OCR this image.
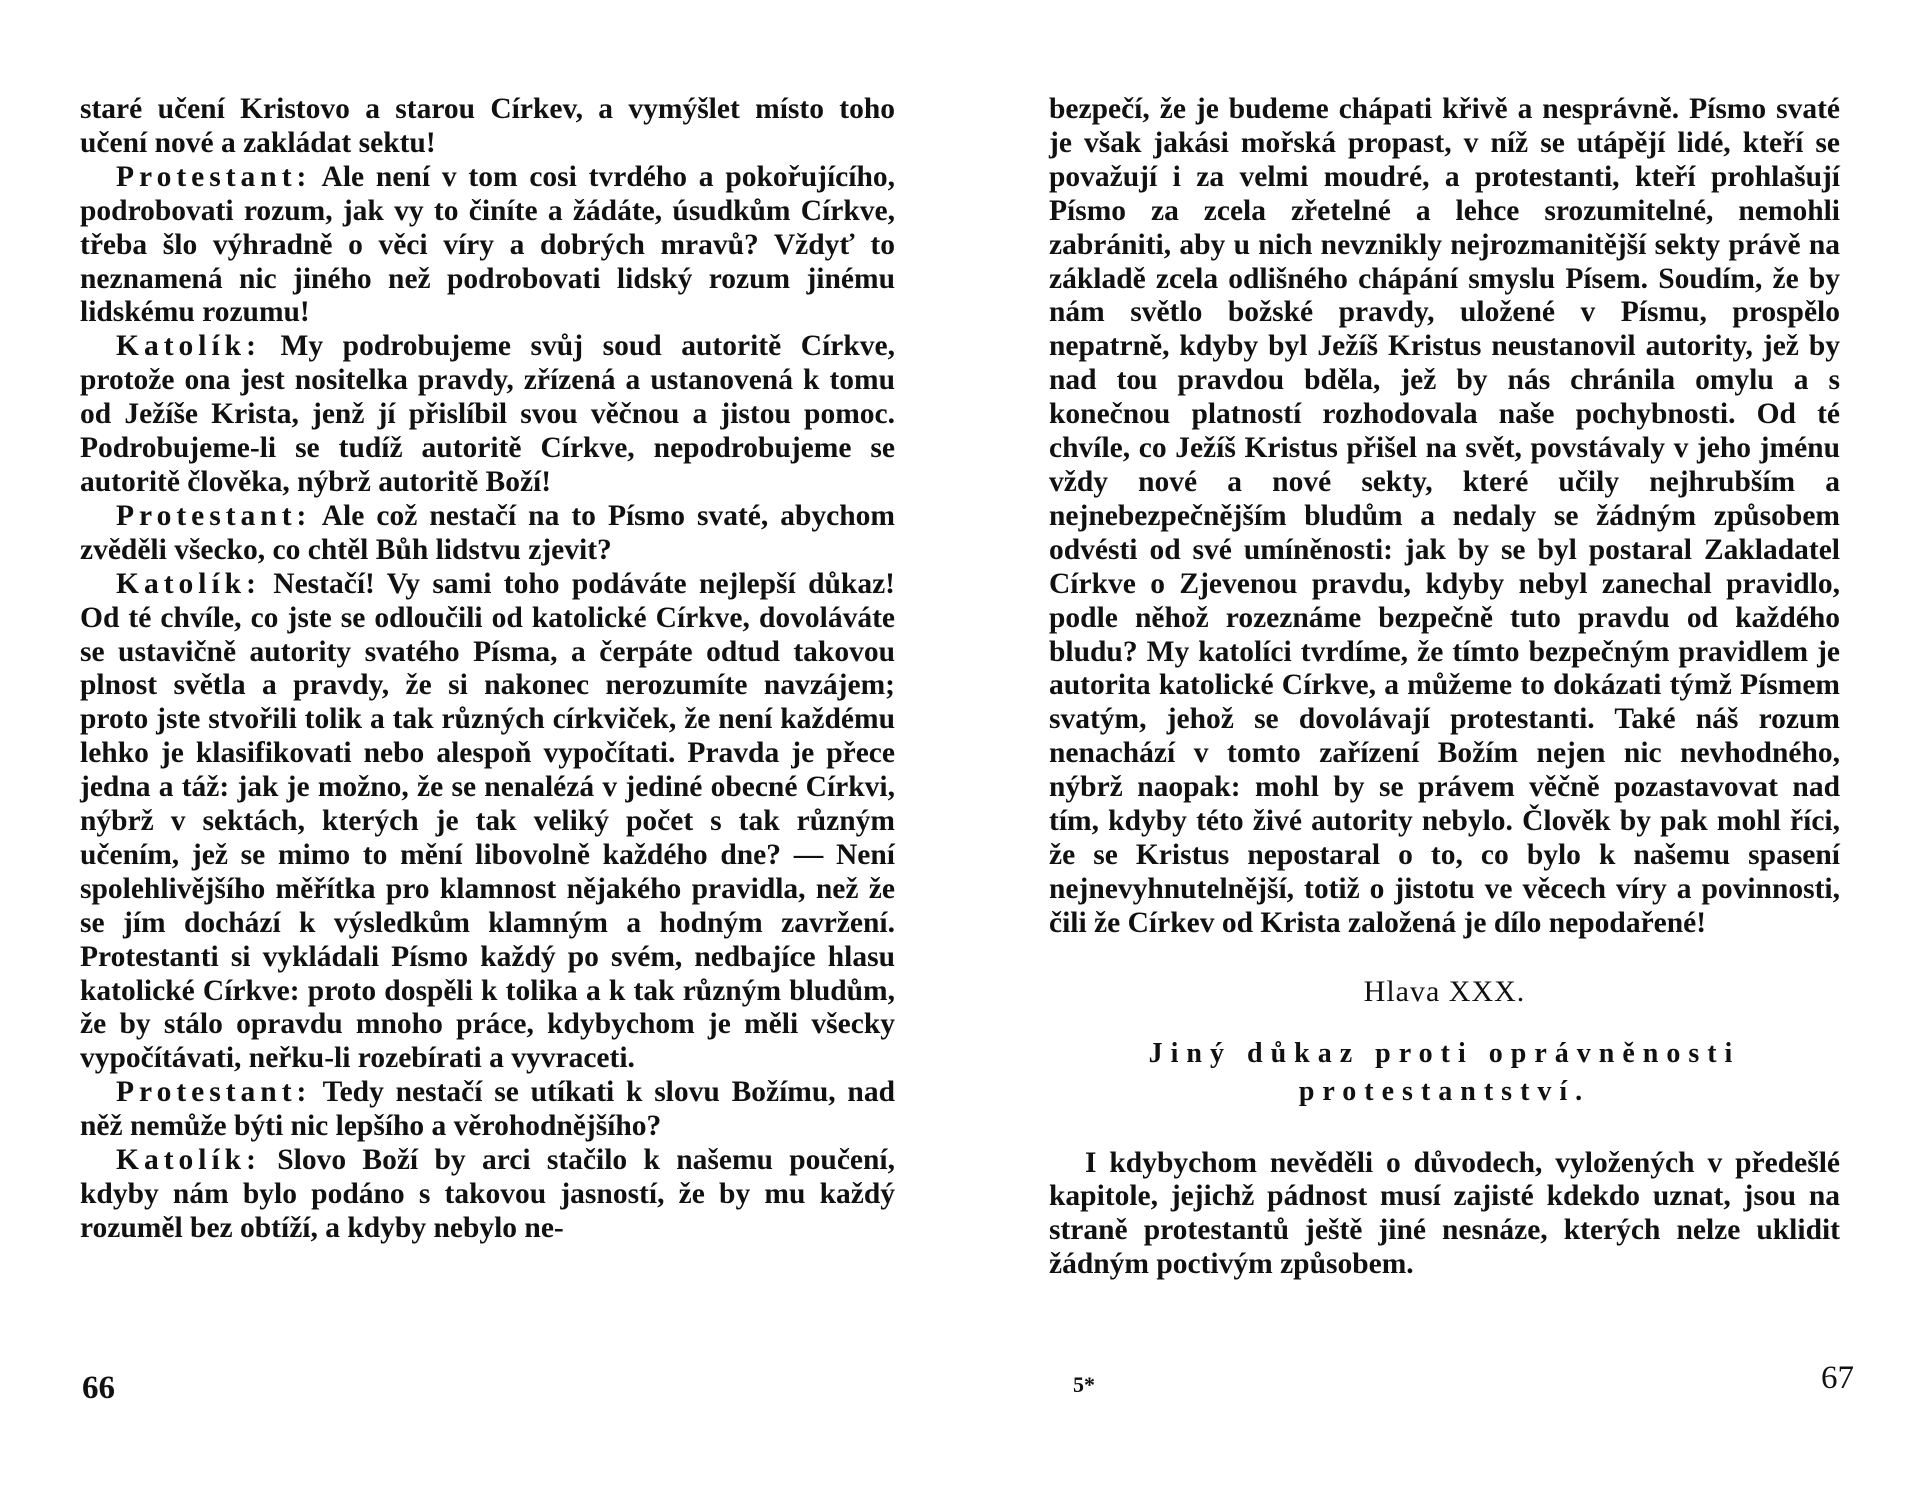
staré učení Kristovo a starou Církev, a vymýšlet místo toho učení nové a zakládat sektu!

Protestant: Ale není v tom cosi tvrdého a pokořujícího, podrobovati rozum, jak vy to činíte a žádáte, úsudkům Církve, třeba šlo výhradně o věci víry a dobrých mravů? Vždyť to neznamená nic jiného než podrobovati lidský rozum jinému lidskému rozumu!

Katolík: My podrobujeme svůj soud autoritě Církve, protože ona jest nositelka pravdy, zřízená a ustanovená k tomu od Ježíše Krista, jenž jí přislíbil svou věčnou a jistou pomoc. Podrobujeme-li se tudíž autoritě Církve, nepodrobujeme se autoritě člověka, nýbrž autoritě Boží!

Protestant: Ale což nestačí na to Písmo svaté, abychom zvěděli všecko, co chtěl Bůh lidstvu zjevit?

Katolík: Nestačí! Vy sami toho podáváte nejlepší důkaz! Od té chvíle, co jste se odloučili od katolické Církve, dovoláváte se ustavičně autority svatého Písma, a čerpáte odtud takovou plnost světla a pravdy, že si nakonec nerozumíte navzájem; proto jste stvořili tolik a tak různých církviček, že není každému lehko je klasifikovati nebo alespoň vypočítati. Pravda je přece jedna a táž: jak je možno, že se nenalézá v jediné obecné Církvi, nýbrž v sektách, kterých je tak veliký počet s tak různým učením, jež se mimo to mění libovolně každého dne? — Není spolehlivějšího měřítka pro klamnost nějakého pravidla, než že se jím dochází k výsledkům klamným a hodným zavržení. Protestanti si vykládali Písmo každý po svém, nedbajíce hlasu katolické Církve: proto dospěli k tolika a k tak různým bludům, že by stálo opravdu mnoho práce, kdybychom je měli všecky vypočítávati, neřku-li rozebírati a vyvraceti.

Protestant: Tedy nestačí se utíkati k slovu Božímu, nad něž nemůže býti nic lepšího a věrohodnějšího?

Katolík: Slovo Boží by arci stačilo k našemu poučení, kdyby nám bylo podáno s takovou jasností, že by mu každý rozuměl bez obtíží, a kdyby nebylo ne-

66

bezpečí, že je budeme chápati křivě a nesprávně. Písmo svaté je však jakási mořská propast, v níž se utápějí lidé, kteří se považují i za velmi moudré, a protestanti, kteří prohlašují Písmo za zcela zřetelné a lehce srozumitelné, nemohli zabrániti, aby u nich nevznikly nejrozmanitější sekty právě na základě zcela odlišného chápání smyslu Písem. Soudím, že by nám světlo božské pravdy, uložené v Písmu, prospělo nepatrně, kdyby byl Ježíš Kristus neustanovil autority, jež by nad tou pravdou bděla, jež by nás chránila omylu a s konečnou platností rozhodovala naše pochybnosti. Od té chvíle, co Ježíš Kristus přišel na svět, povstávaly v jeho jménu vždy nové a nové sekty, které učily nejhrubším a nejnebezpečnějším bludům a nedaly se žádným způsobem odvésti od své umíněnosti: jak by se byl postaral Zakladatel Církve o Zjevenou pravdu, kdyby nebyl zanechal pravidlo, podle něhož rozeznáme bezpečně tuto pravdu od každého bludu? My katolíci tvrdíme, že tímto bezpečným pravidlem je autorita katolické Církve, a můžeme to dokázati týmž Písmem svatým, jehož se dovolávají protestanti. Také náš rozum nenachází v tomto zařízení Božím nejen nic nevhodného, nýbrž naopak: mohl by se právem věčně pozastavovat nad tím, kdyby této živé autority nebylo. Člověk by pak mohl říci, že se Kristus nepostaral o to, co bylo k našemu spasení nejnevyhnutelnější, totiž o jistotu ve věcech víry a povinnosti, čili že Církev od Krista založená je dílo nepodařené!

Hlava XXX.
Jiný důkaz proti oprávněnosti protestantství.

I kdybychom nevěděli o důvodech, vyložených v předešlé kapitole, jejichž pádnost musí zajisté kdekdo uznat, jsou na straně protestantů ještě jiné nesnáze, kterých nelze uklidit žádným poctivým způsobem.

5*	67
